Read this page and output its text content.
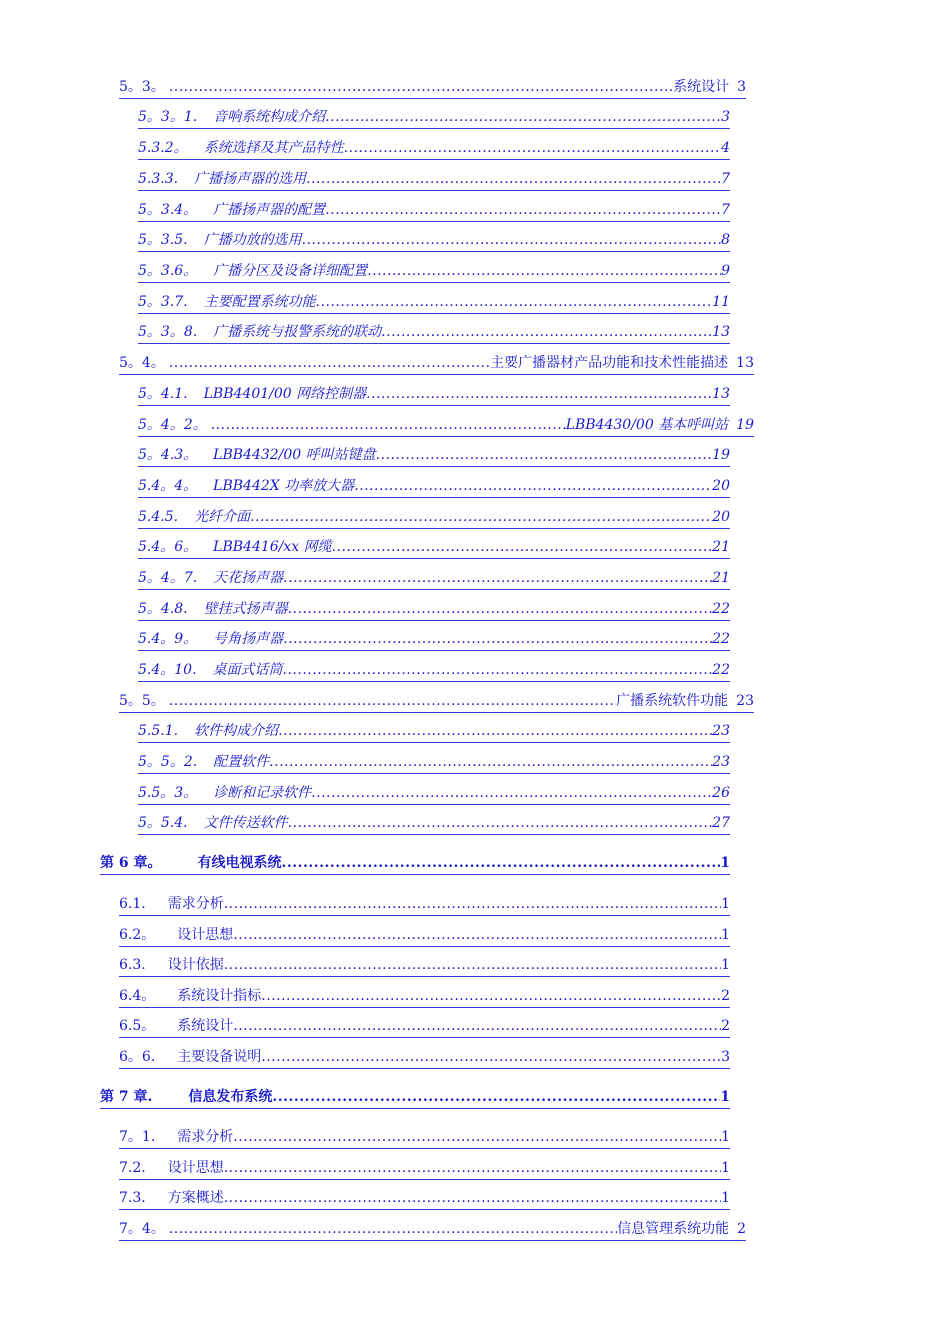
5。3。 .....	系统设计 3
5。3。1. 音响系统构成介绍 .....	3
5.3.2。 系统选择及其产品特性 .....	4
5.3.3. 广播扬声器的选用 .....	7
5。3.4。 广播扬声器的配置 .....	7
5。3.5. 广播功放的选用 .....	8
5。3.6。 广播分区及设备详细配置 .....	9
5。3.7. 主要配置系统功能 .....	11
5。3。8. 广播系统与报警系统的联动 .....	13
5。4。 .....	主要广播器材产品功能和技术性能描述 13
5。4.1. LBB4401/00 网络控制器 .....	13
5。4。2。 .....	LBB4430/00 基本呼叫站 19
5。4.3。 LBB4432/00 呼叫站键盘 .....	19
5.4。4。 LBB442X 功率放大器 .....	20
5.4.5. 光纤介面 .....	20
5.4。6。 LBB4416/xx 网缆 .....	21
5。4。7. 天花扬声器 .....	21
5。4.8. 壁挂式扬声器 .....	22
5.4。9。 号角扬声器 .....	22
5.4。10. 桌面式话筒 .....	22
5。5。 .....	广播系统软件功能 23
5.5.1. 软件构成介绍 .....	23
5。5。2. 配置软件 .....	23
5.5。3。 诊断和记录软件 .....	26
5。5.4. 文件传送软件 .....	27
第 6 章。	有线电视系统 .....	1
6.1. 需求分析 .....	1
6.2。 设计思想 .....	1
6.3. 设计依据 .....	1
6.4。 系统设计指标 .....	2
6.5。 系统设计 .....	2
6。6. 主要设备说明 .....	3
第 7 章.	信息发布系统 .....	1
7。1. 需求分析 .....	1
7.2. 设计思想 .....	1
7.3. 方案概述 .....	1
7。4。 .....	信息管理系统功能 2
